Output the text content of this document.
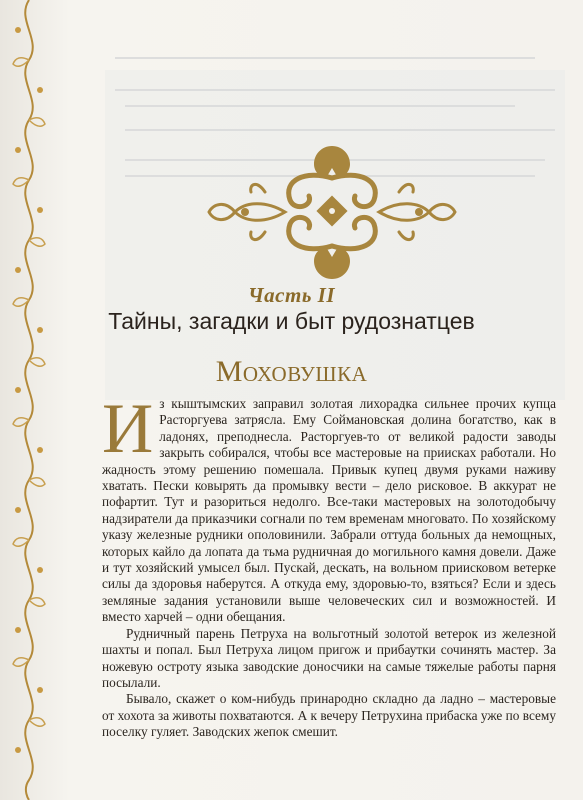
Часть II
Тайны, загадки и быт рудознатцев
Моховушка

Из кыштымских заправил золотая лихорадка сильнее прочих купца Расторгуева затрясла. Ему Соймановская долина богатство, как в ладонях, преподнесла. Расторгуев-то от великой радости заводы закрыть собирался, чтобы все мастеровые на приисках работали. Но жадность этому решению помешала. Привык купец двумя руками наживу хватать. Пески ковырять да промывку вести – дело рисковое. В аккурат не пофартит. Тут и разориться недолго. Все-таки мастеровых на золотодобычу надзиратели да приказчики согнали по тем временам многовато. По хозяйскому указу железные рудники ополовинили. Забрали оттуда больных да немощных, которых кайло да лопата да тьма рудничная до могильного камня довели. Даже и тут хозяйский умысел был. Пускай, дескать, на вольном приисковом ветерке силы да здоровья наберутся. А откуда ему, здоровью-то, взяться? Если и здесь земляные задания установили выше человеческих сил и возможностей. И вместо харчей – одни обещания.

Рудничный парень Петруха на вольготный золотой ветерок из железной шахты и попал. Был Петруха лицом пригож и прибаутки сочинять мастер. За ножевую остроту языка заводские доносчики на самые тяжелые работы парня посылали.

Бывало, скажет о ком-нибудь принародно складно да ладно – мастеровые от хохота за животы похватаются. А к вечеру Петрухина прибаска уже по всему поселку гуляет. Заводских жепок смешит.
